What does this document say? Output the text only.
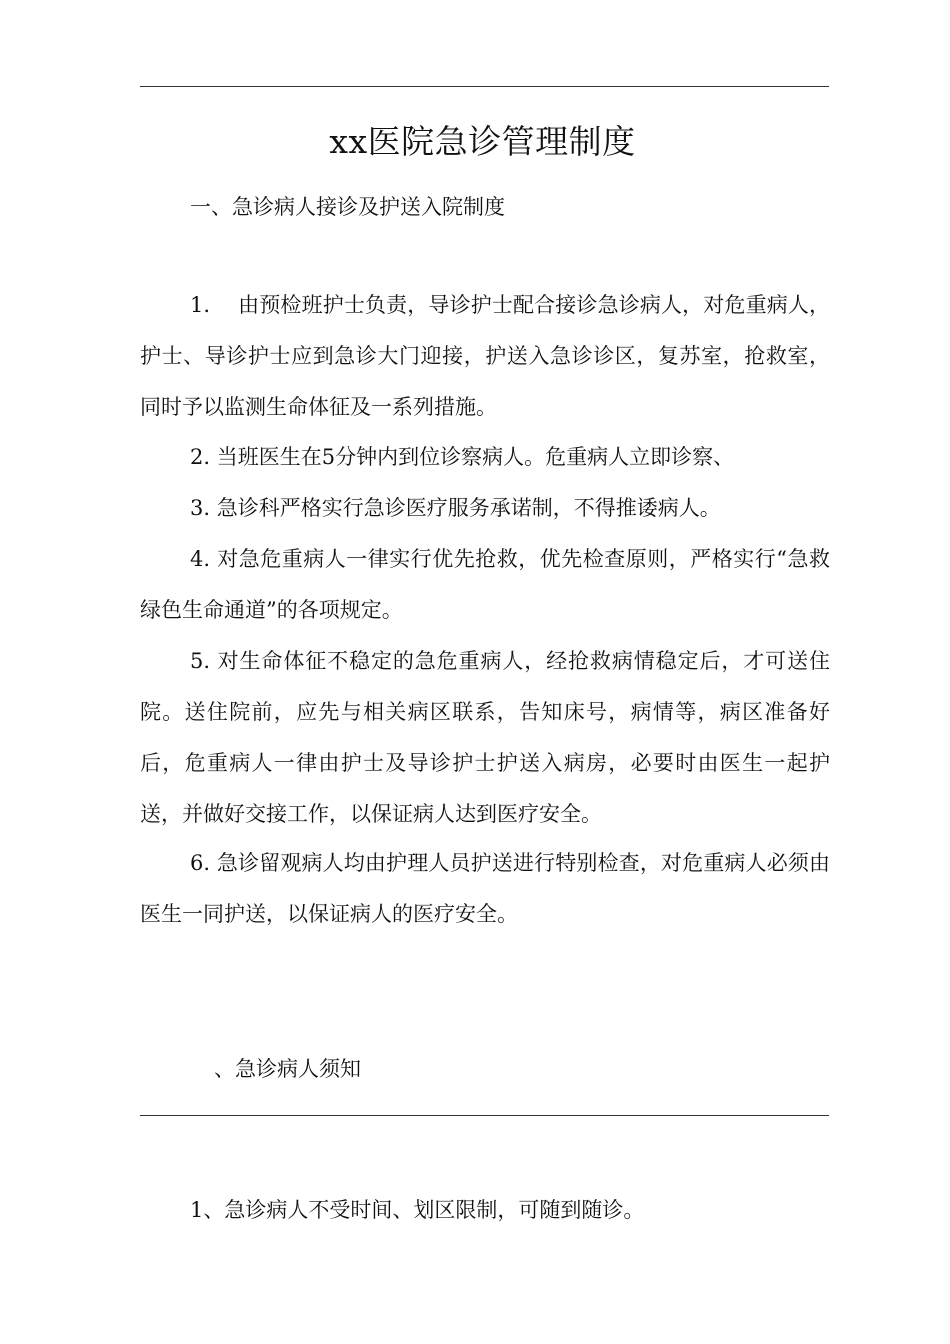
xx医院急诊管理制度
一、急诊病人接诊及护送入院制度
1. 由预检班护士负责，导诊护士配合接诊急诊病人，对危重病人，护士、导诊护士应到急诊大门迎接，护送入急诊诊区，复苏室，抢救室，同时予以监测生命体征及一系列措施。
2. 当班医生在5分钟内到位诊察病人。危重病人立即诊察、
3. 急诊科严格实行急诊医疗服务承诺制，不得推诿病人。
4. 对急危重病人一律实行优先抢救，优先检查原则，严格实行“急救绿色生命通道”的各项规定。
5. 对生命体征不稳定的急危重病人，经抢救病情稳定后，才可送住院。送住院前，应先与相关病区联系，告知床号，病情等，病区准备好后，危重病人一律由护士及导诊护士护送入病房，必要时由医生一起护送，并做好交接工作，以保证病人达到医疗安全。
6. 急诊留观病人均由护理人员护送进行特别检查，对危重病人必须由医生一同护送，以保证病人的医疗安全。
、急诊病人须知
1、急诊病人不受时间、划区限制，可随到随诊。
